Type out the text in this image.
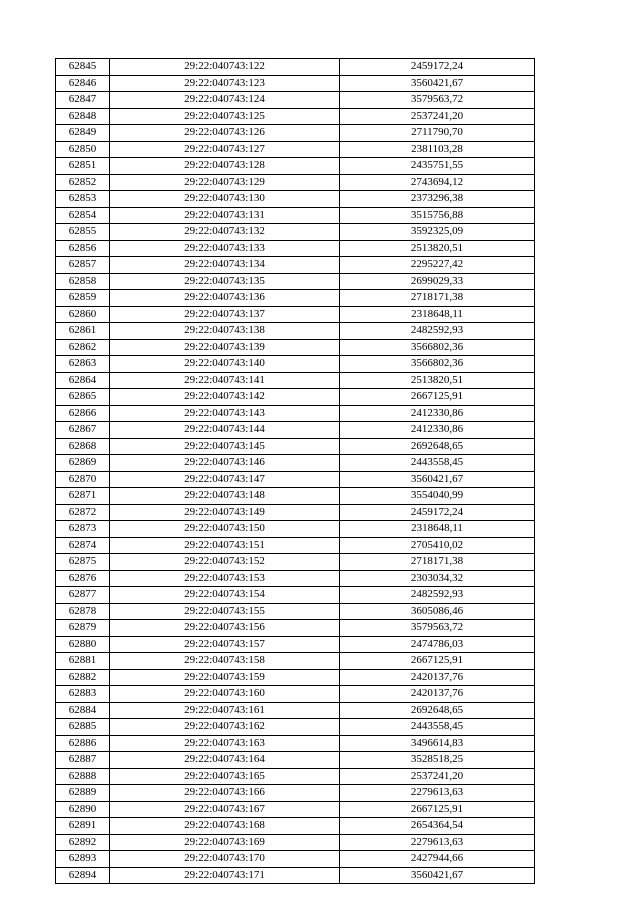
62845	29:22:040743:122	2459172,24
62846	29:22:040743:123	3560421,67
62847	29:22:040743:124	3579563,72
62848	29:22:040743:125	2537241,20
62849	29:22:040743:126	2711790,70
62850	29:22:040743:127	2381103,28
62851	29:22:040743:128	2435751,55
62852	29:22:040743:129	2743694,12
62853	29:22:040743:130	2373296,38
62854	29:22:040743:131	3515756,88
62855	29:22:040743:132	3592325,09
62856	29:22:040743:133	2513820,51
62857	29:22:040743:134	2295227,42
62858	29:22:040743:135	2699029,33
62859	29:22:040743:136	2718171,38
62860	29:22:040743:137	2318648,11
62861	29:22:040743:138	2482592,93
62862	29:22:040743:139	3566802,36
62863	29:22:040743:140	3566802,36
62864	29:22:040743:141	2513820,51
62865	29:22:040743:142	2667125,91
62866	29:22:040743:143	2412330,86
62867	29:22:040743:144	2412330,86
62868	29:22:040743:145	2692648,65
62869	29:22:040743:146	2443558,45
62870	29:22:040743:147	3560421,67
62871	29:22:040743:148	3554040,99
62872	29:22:040743:149	2459172,24
62873	29:22:040743:150	2318648,11
62874	29:22:040743:151	2705410,02
62875	29:22:040743:152	2718171,38
62876	29:22:040743:153	2303034,32
62877	29:22:040743:154	2482592,93
62878	29:22:040743:155	3605086,46
62879	29:22:040743:156	3579563,72
62880	29:22:040743:157	2474786,03
62881	29:22:040743:158	2667125,91
62882	29:22:040743:159	2420137,76
62883	29:22:040743:160	2420137,76
62884	29:22:040743:161	2692648,65
62885	29:22:040743:162	2443558,45
62886	29:22:040743:163	3496614,83
62887	29:22:040743:164	3528518,25
62888	29:22:040743:165	2537241,20
62889	29:22:040743:166	2279613,63
62890	29:22:040743:167	2667125,91
62891	29:22:040743:168	2654364,54
62892	29:22:040743:169	2279613,63
62893	29:22:040743:170	2427944,66
62894	29:22:040743:171	3560421,67
